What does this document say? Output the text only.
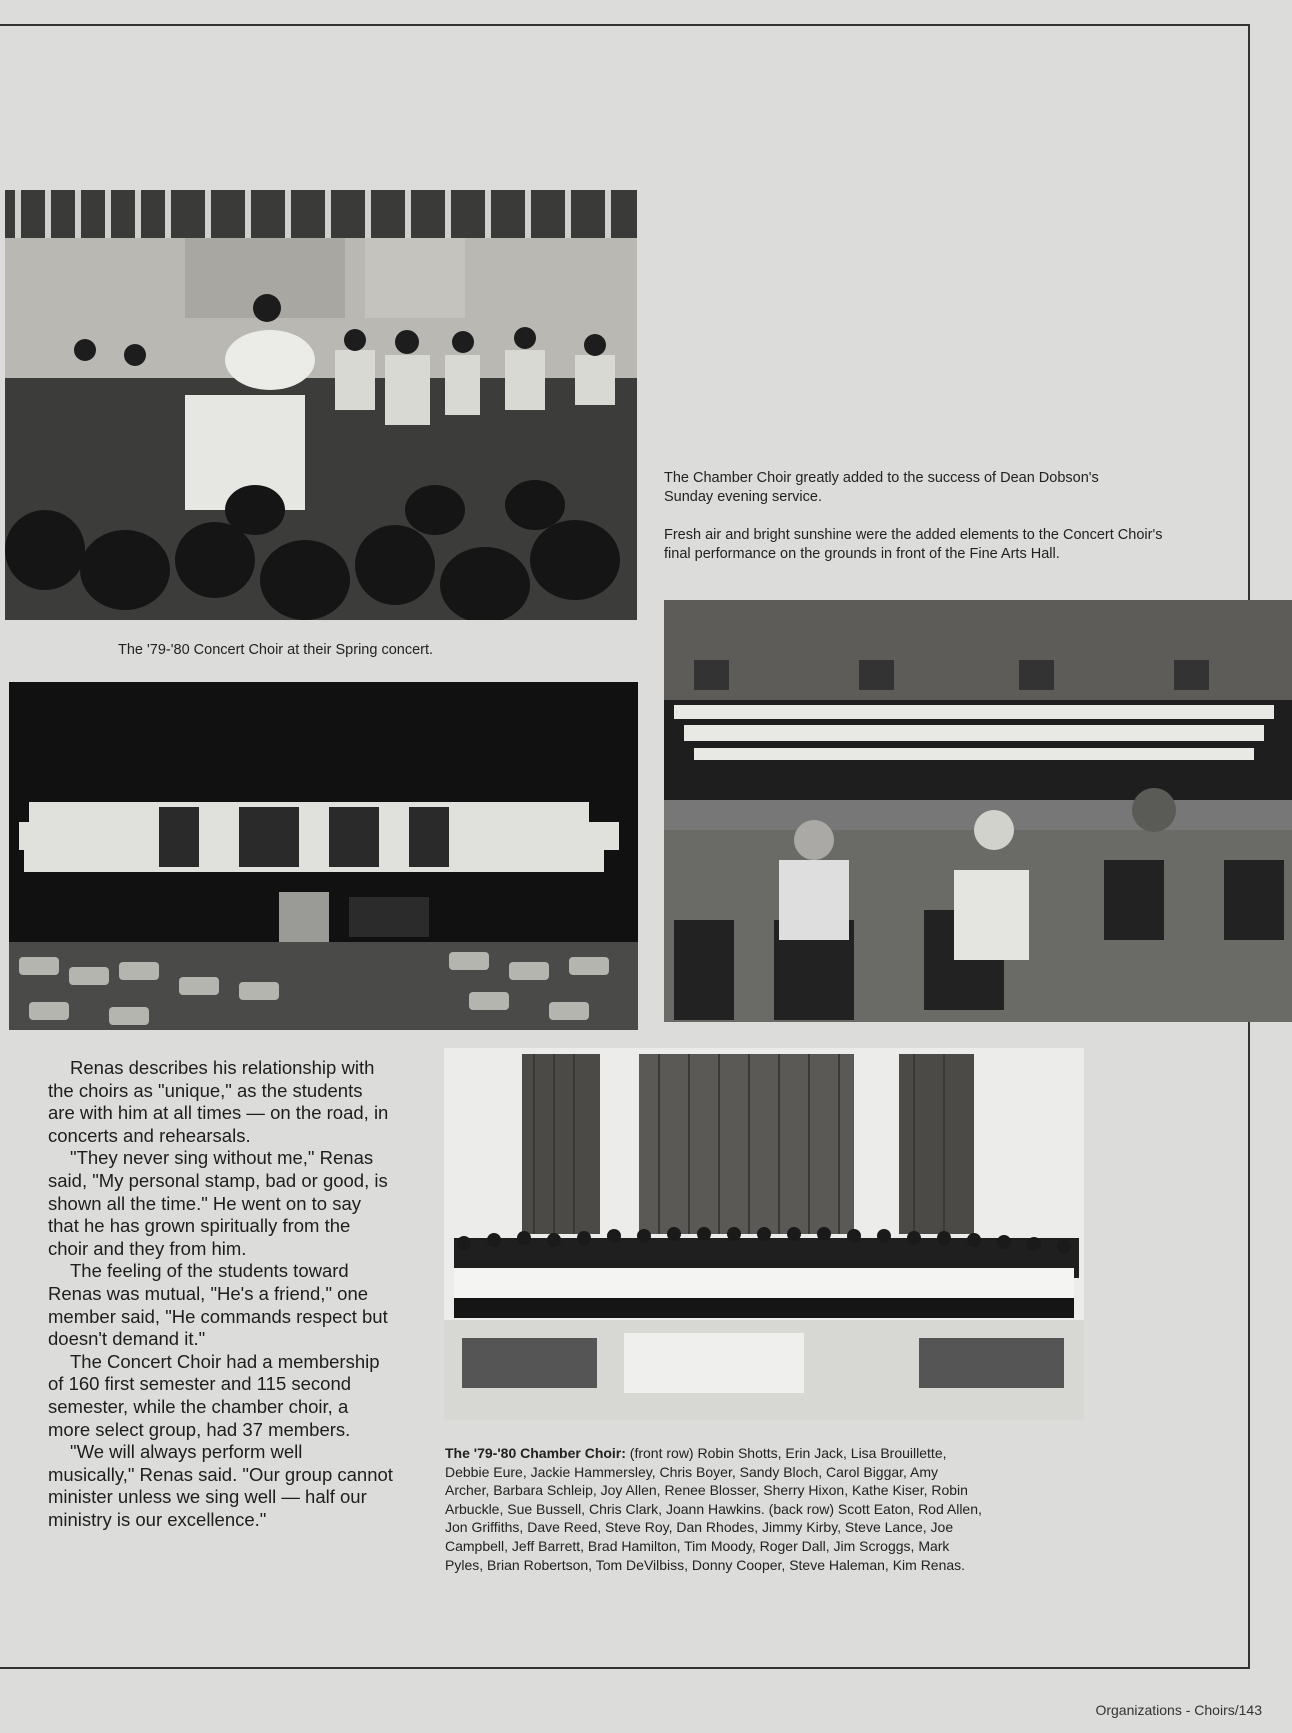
The '79-'80 Concert Choir at their Spring concert.
The Chamber Choir greatly added to the success of Dean Dobson's Sunday evening service.
Fresh air and bright sunshine were the added elements to the Concert Choir's final performance on the grounds in front of the Fine Arts Hall.

Renas describes his relationship with the choirs as "unique," as the students are with him at all times — on the road, in concerts and rehearsals.

"They never sing without me," Renas said, "My personal stamp, bad or good, is shown all the time." He went on to say that he has grown spiritually from the choir and they from him.

The feeling of the students toward Renas was mutual, "He's a friend," one member said, "He commands respect but doesn't demand it."

The Concert Choir had a membership of 160 first semester and 115 second semester, while the chamber choir, a more select group, had 37 members.

"We will always perform well musically," Renas said. "Our group cannot minister unless we sing well — half our ministry is our excellence."

The '79-'80 Chamber Choir: (front row) Robin Shotts, Erin Jack, Lisa Brouillette, Debbie Eure, Jackie Hammersley, Chris Boyer, Sandy Bloch, Carol Biggar, Amy Archer, Barbara Schleip, Joy Allen, Renee Blosser, Sherry Hixon, Kathe Kiser, Robin Arbuckle, Sue Bussell, Chris Clark, Joann Hawkins. (back row) Scott Eaton, Rod Allen, Jon Griffiths, Dave Reed, Steve Roy, Dan Rhodes, Jimmy Kirby, Steve Lance, Joe Campbell, Jeff Barrett, Brad Hamilton, Tim Moody, Roger Dall, Jim Scroggs, Mark Pyles, Brian Robertson, Tom DeVilbiss, Donny Cooper, Steve Haleman, Kim Renas.
Organizations - Choirs/143
